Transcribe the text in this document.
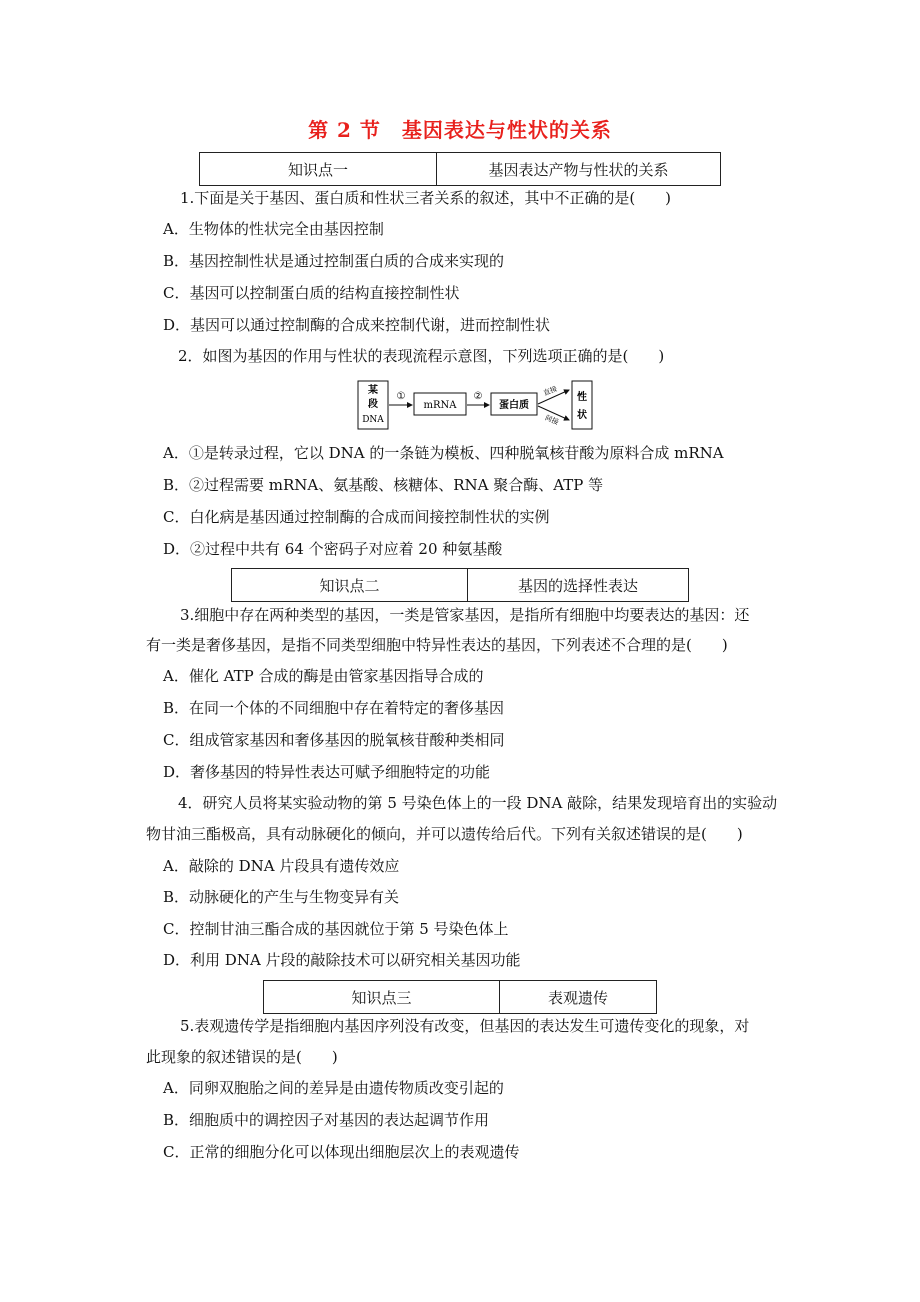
第 2 节　基因表达与性状的关系
知识点一	基因表达产物与性状的关系
1.下面是关于基因、蛋白质和性状三者关系的叙述，其中不正确的是(　　)
A．生物体的性状完全由基因控制
B．基因控制性状是通过控制蛋白质的合成来实现的
C．基因可以控制蛋白质的结构直接控制性状
D．基因可以通过控制酶的合成来控制代谢，进而控制性状
2．如图为基因的作用与性状的表现流程示意图，下列选项正确的是(　　)
某
段
DNA
①
mRNA
②
蛋白质
直接
间接
性
状
A．①是转录过程，它以 DNA 的一条链为模板、四种脱氧核苷酸为原料合成 mRNA
B．②过程需要 mRNA、氨基酸、核糖体、RNA 聚合酶、ATP 等
C．白化病是基因通过控制酶的合成而间接控制性状的实例
D．②过程中共有 64 个密码子对应着 20 种氨基酸
知识点二	基因的选择性表达
3.细胞中存在两种类型的基因，一类是管家基因，是指所有细胞中均要表达的基因：还
有一类是奢侈基因，是指不同类型细胞中特异性表达的基因，下列表述不合理的是(　　)
A．催化 ATP 合成的酶是由管家基因指导合成的
B．在同一个体的不同细胞中存在着特定的奢侈基因
C．组成管家基因和奢侈基因的脱氧核苷酸种类相同
D．奢侈基因的特异性表达可赋予细胞特定的功能
4．研究人员将某实验动物的第 5 号染色体上的一段 DNA 敲除，结果发现培育出的实验动
物甘油三酯极高，具有动脉硬化的倾向，并可以遗传给后代。下列有关叙述错误的是(　　)
A．敲除的 DNA 片段具有遗传效应
B．动脉硬化的产生与生物变异有关
C．控制甘油三酯合成的基因就位于第 5 号染色体上
D．利用 DNA 片段的敲除技术可以研究相关基因功能
知识点三	表观遗传
5.表观遗传学是指细胞内基因序列没有改变，但基因的表达发生可遗传变化的现象，对
此现象的叙述错误的是(　　)
A．同卵双胞胎之间的差异是由遗传物质改变引起的
B．细胞质中的调控因子对基因的表达起调节作用
C．正常的细胞分化可以体现出细胞层次上的表观遗传
